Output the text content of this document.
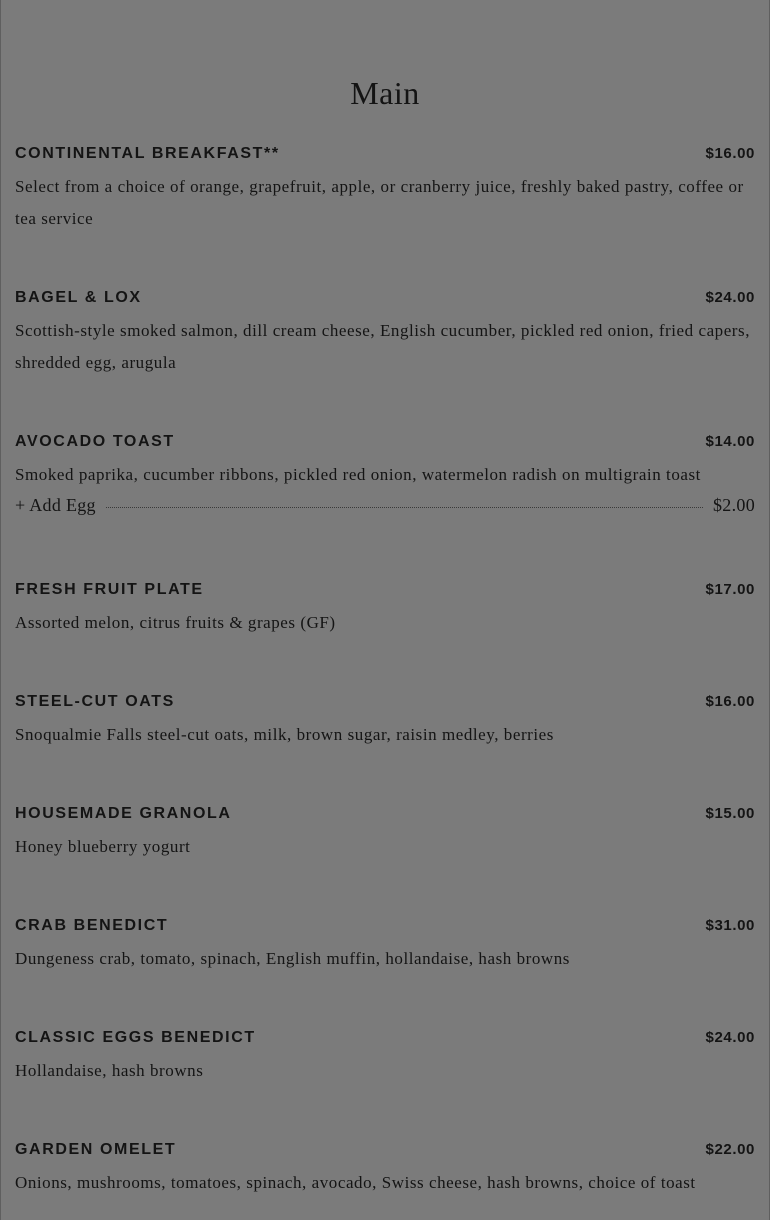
Main
CONTINENTAL BREAKFAST**	$16.00
Select from a choice of orange, grapefruit, apple, or cranberry juice, freshly baked pastry, coffee or tea service
BAGEL & LOX	$24.00
Scottish-style smoked salmon, dill cream cheese, English cucumber, pickled red onion, fried capers, shredded egg, arugula
AVOCADO TOAST	$14.00
Smoked paprika, cucumber ribbons, pickled red onion, watermelon radish on multigrain toast
+ Add Egg	$2.00
FRESH FRUIT PLATE	$17.00
Assorted melon, citrus fruits & grapes (GF)
STEEL-CUT OATS	$16.00
Snoqualmie Falls steel-cut oats, milk, brown sugar, raisin medley, berries
HOUSEMADE GRANOLA	$15.00
Honey blueberry yogurt
CRAB BENEDICT	$31.00
Dungeness crab, tomato, spinach, English muffin, hollandaise, hash browns
CLASSIC EGGS BENEDICT	$24.00
Hollandaise, hash browns
GARDEN OMELET	$22.00
Onions, mushrooms, tomatoes, spinach, avocado, Swiss cheese, hash browns, choice of toast
